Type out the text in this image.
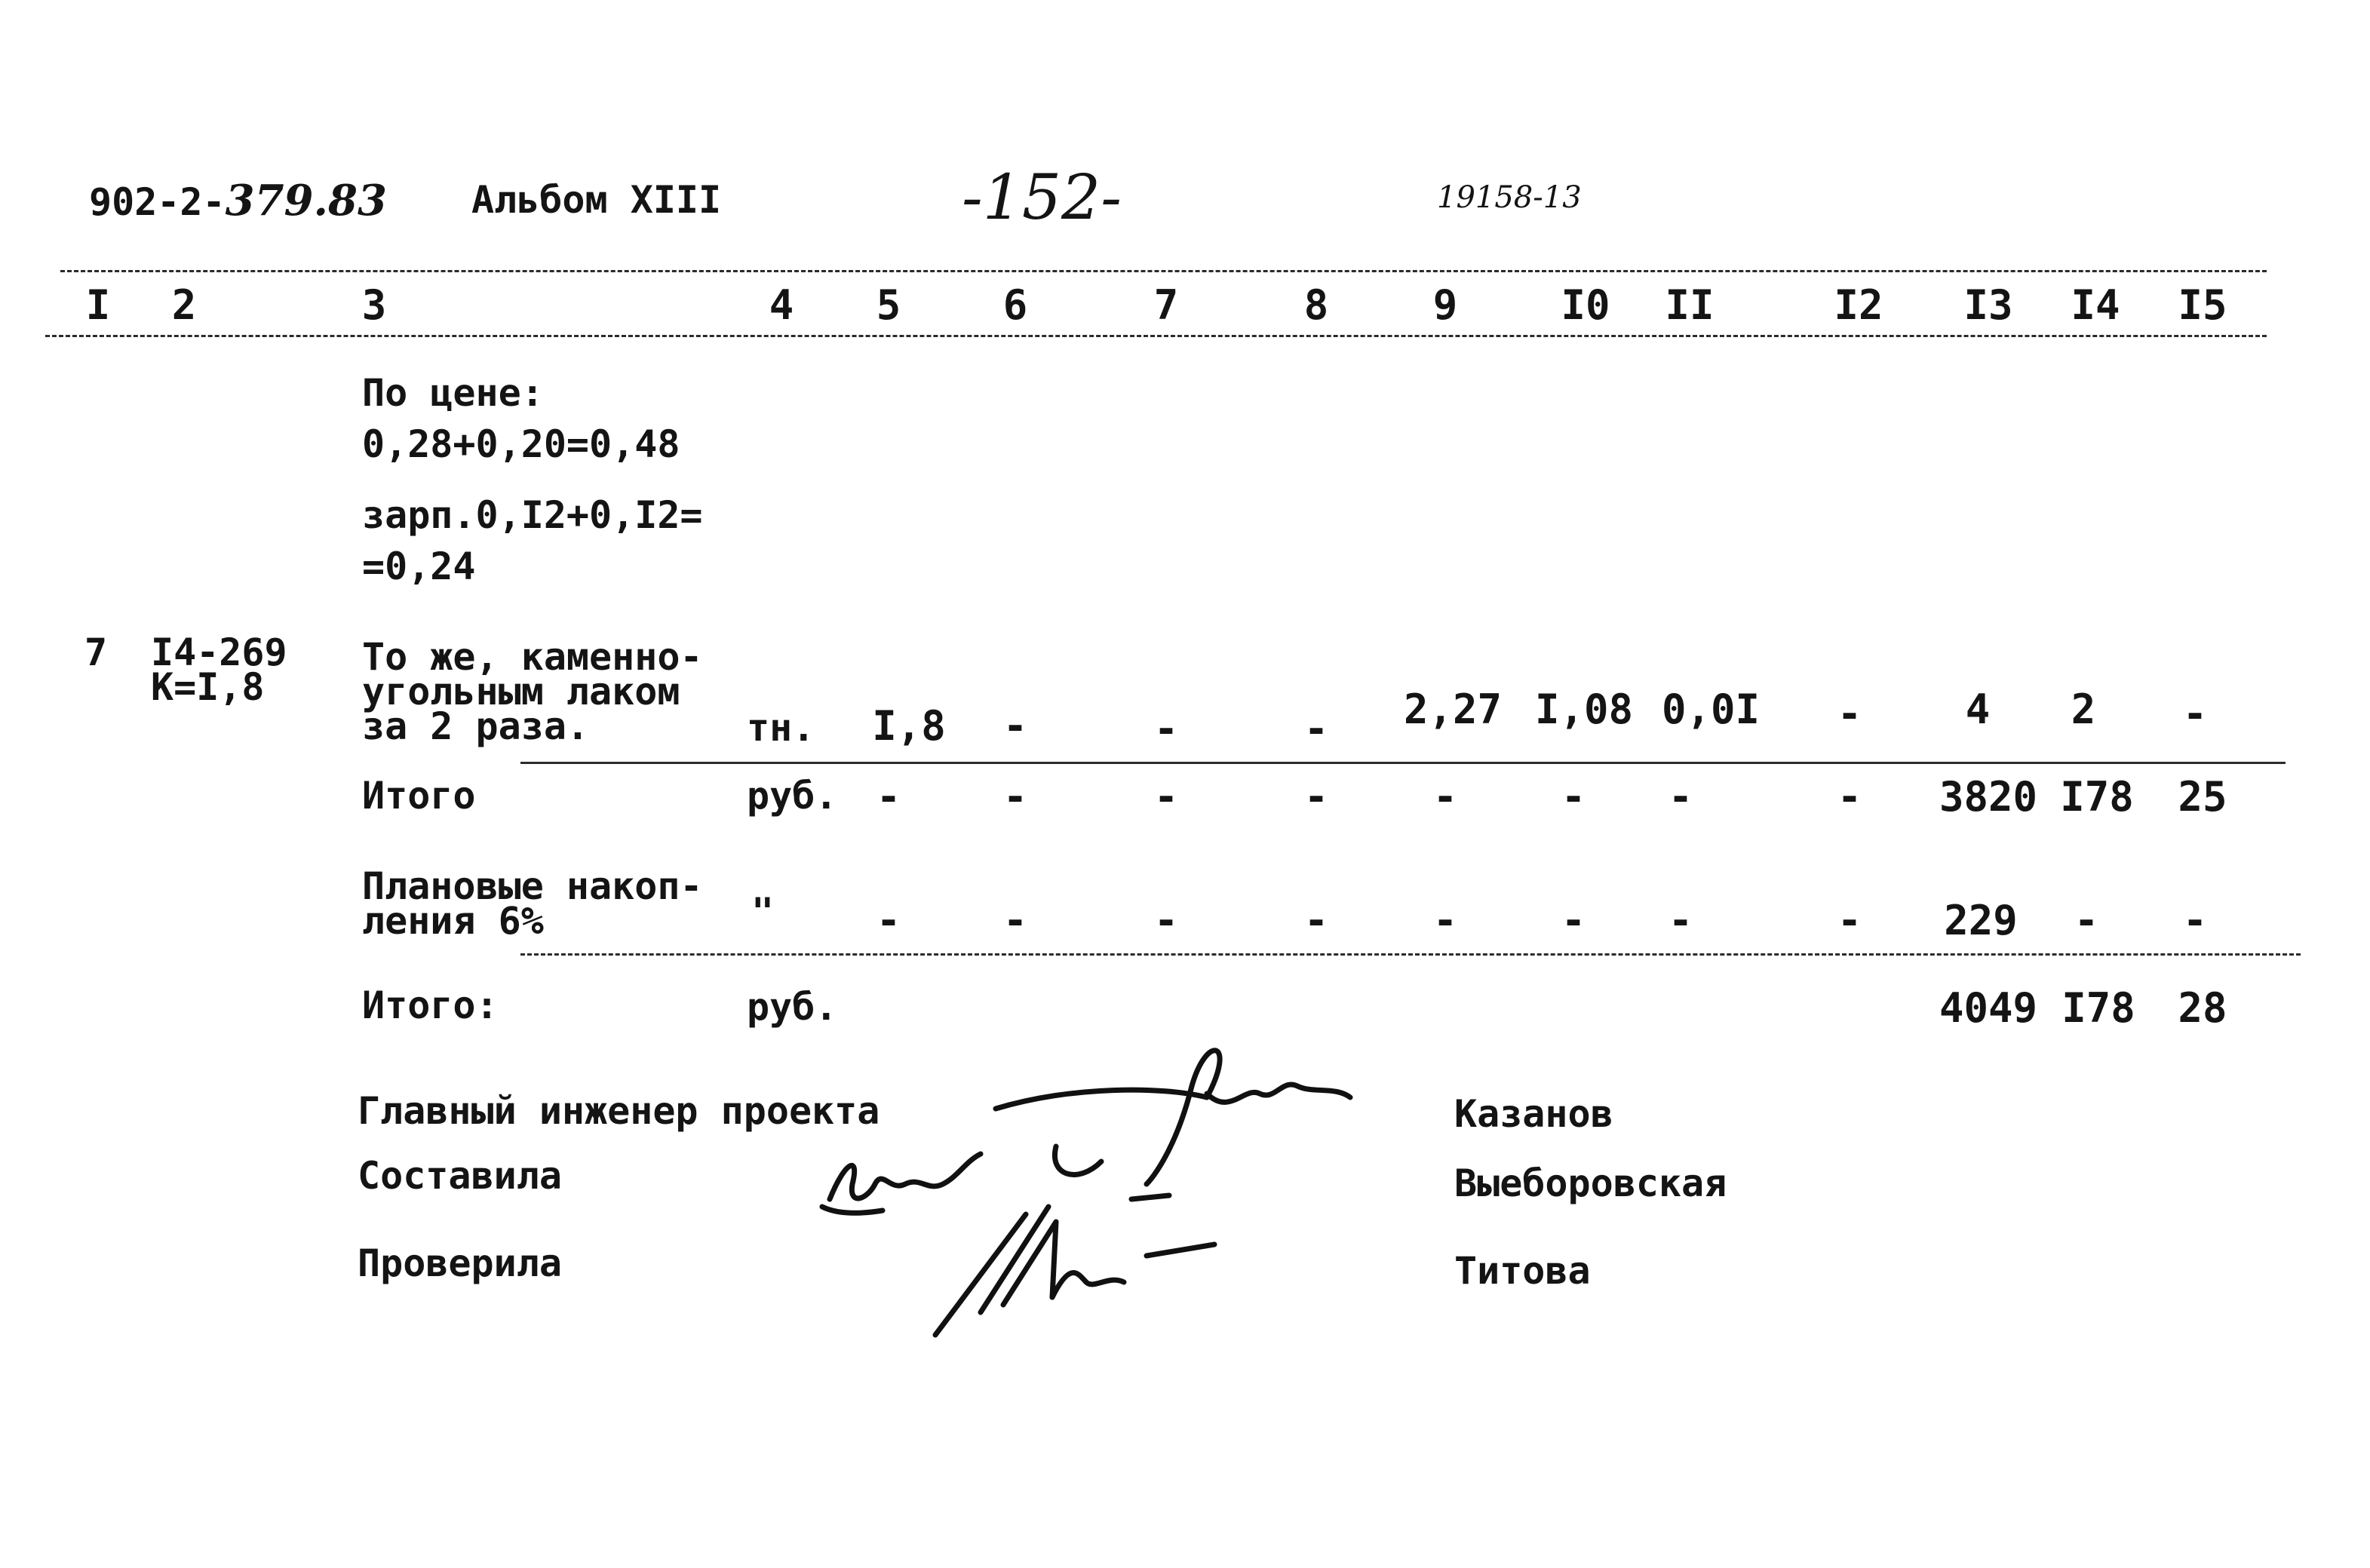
902-2-379.83 Альбом XIII	-152-	19158-13
I 2	3	4 5	6	7	8	9	I0 II	I2 I3 I4 I5
По цене:
0,28+0,20=0,48
зарп.0,I2+0,I2=
=0,24
7 I4-269
К=I,8
То же, каменно-
угольным лаком
за 2 раза.	тн. I,8 -	-	- 2,27 I,08 0,0I -	4 2 -
Итого	руб. -	-	-	-	-	- -	- 3820 I78 25
Плановые накоп-
ления 6%	"	-	-	-	-	-	- -	- 229 - -
Итого:	руб.	4049 I78 28
Главный инженер проекта
Составила
Проверила
Казанов
Выеборовская
Титова
